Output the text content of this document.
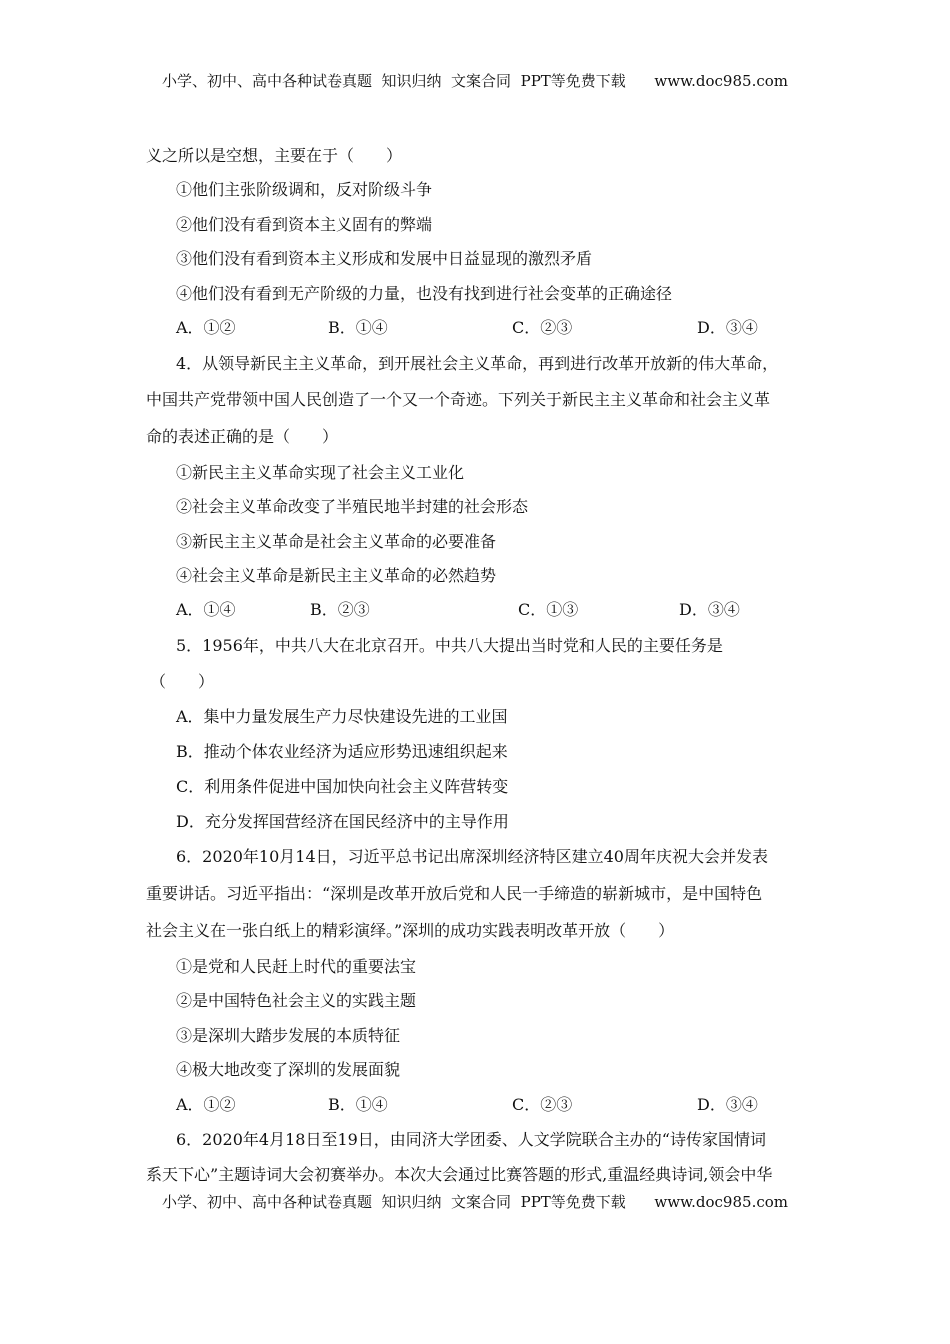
小学、初中、高中各种试卷真题  知识归纳  文案合同  PPT等免费下载      www.doc985.com
义之所以是空想，主要在于（　　）
①他们主张阶级调和，反对阶级斗争
②他们没有看到资本主义固有的弊端
③他们没有看到资本主义形成和发展中日益显现的激烈矛盾
④他们没有看到无产阶级的力量，也没有找到进行社会变革的正确途径
A．①②	B．①④	C．②③	D．③④
4．从领导新民主主义革命，到开展社会主义革命，再到进行改革开放新的伟大革命，
中国共产党带领中国人民创造了一个又一个奇迹。下列关于新民主主义革命和社会主义革
命的表述正确的是（　　）
①新民主主义革命实现了社会主义工业化
②社会主义革命改变了半殖民地半封建的社会形态
③新民主主义革命是社会主义革命的必要准备
④社会主义革命是新民主主义革命的必然趋势
A．①④	B．②③	C．①③	D．③④
5．1956年，中共八大在北京召开。中共八大提出当时党和人民的主要任务是
（　　）
A．集中力量发展生产力尽快建设先进的工业国
B．推动个体农业经济为适应形势迅速组织起来
C．利用条件促进中国加快向社会主义阵营转变
D．充分发挥国营经济在国民经济中的主导作用
6．2020年10月14日，习近平总书记出席深圳经济特区建立40周年庆祝大会并发表
重要讲话。习近平指出：“深圳是改革开放后党和人民一手缔造的崭新城市，是中国特色
社会主义在一张白纸上的精彩演绎。”深圳的成功实践表明改革开放（　　）
①是党和人民赶上时代的重要法宝
②是中国特色社会主义的实践主题
③是深圳大踏步发展的本质特征
④极大地改变了深圳的发展面貌
A．①②	B．①④	C．②③	D．③④
6．2020年4月18日至19日，由同济大学团委、人文学院联合主办的“诗传家国情词
系天下心”主题诗词大会初赛举办。本次大会通过比赛答题的形式,重温经典诗词,领会中华
小学、初中、高中各种试卷真题  知识归纳  文案合同  PPT等免费下载      www.doc985.com
